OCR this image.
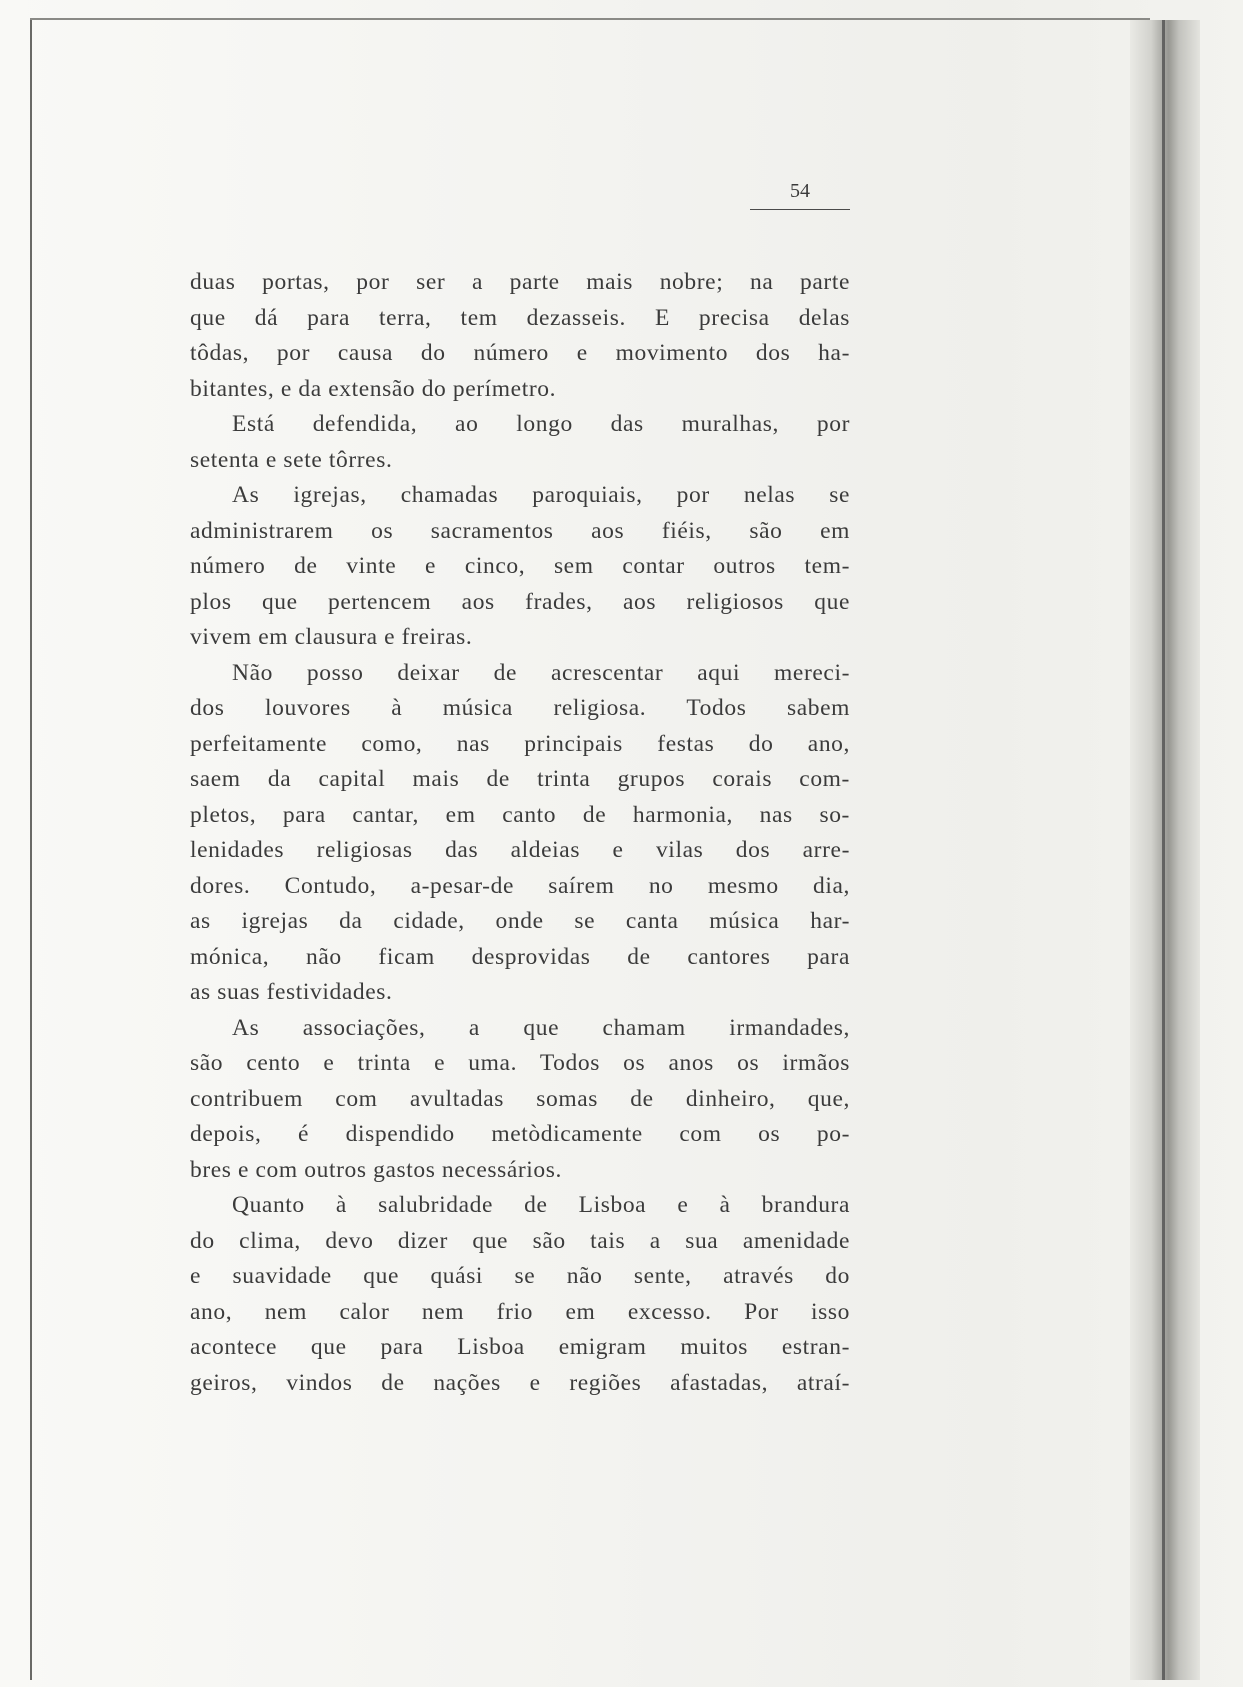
54
duas portas, por ser a parte mais nobre; na parte
que dá para terra, tem dezasseis. E precisa delas
tôdas, por causa do número e movimento dos ha-
bitantes, e da extensão do perímetro.
Está defendida, ao longo das muralhas, por
setenta e sete tôrres.
As igrejas, chamadas paroquiais, por nelas se
administrarem os sacramentos aos fiéis, são em
número de vinte e cinco, sem contar outros tem-
plos que pertencem aos frades, aos religiosos que
vivem em clausura e freiras.
Não posso deixar de acrescentar aqui mereci-
dos louvores à música religiosa. Todos sabem
perfeitamente como, nas principais festas do ano,
saem da capital mais de trinta grupos corais com-
pletos, para cantar, em canto de harmonia, nas so-
lenidades religiosas das aldeias e vilas dos arre-
dores. Contudo, a-pesar-de saírem no mesmo dia,
as igrejas da cidade, onde se canta música har-
mónica, não ficam desprovidas de cantores para
as suas festividades.
As associações, a que chamam irmandades,
são cento e trinta e uma. Todos os anos os irmãos
contribuem com avultadas somas de dinheiro, que,
depois, é dispendido metòdicamente com os po-
bres e com outros gastos necessários.
Quanto à salubridade de Lisboa e à brandura
do clima, devo dizer que são tais a sua amenidade
e suavidade que quási se não sente, através do
ano, nem calor nem frio em excesso. Por isso
acontece que para Lisboa emigram muitos estran-
geiros, vindos de nações e regiões afastadas, atraí-
